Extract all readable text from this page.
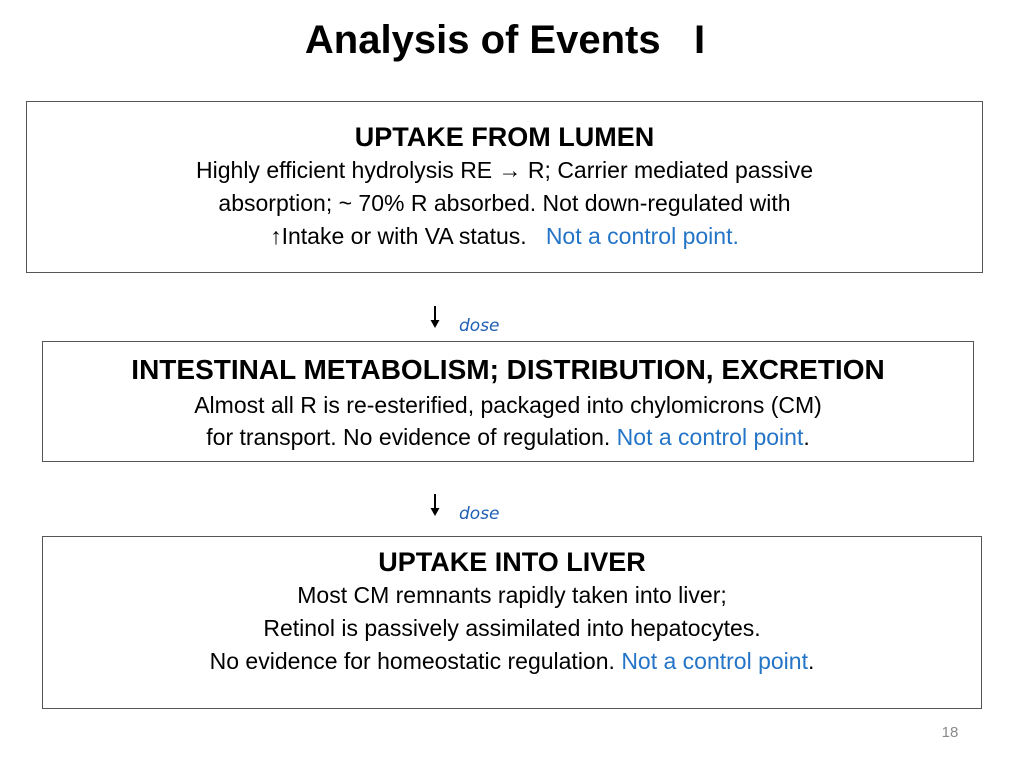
Analysis of Events   I
UPTAKE FROM LUMEN
Highly efficient hydrolysis RE → R; Carrier mediated passive
absorption; ~ 70% R absorbed. Not down-regulated with
↑Intake or with VA status.   Not a control point.
dose
INTESTINAL METABOLISM; DISTRIBUTION, EXCRETION
Almost all R is re-esterified, packaged into chylomicrons (CM)
for transport. No evidence of regulation. Not a control point.
dose
UPTAKE INTO LIVER
Most CM remnants rapidly taken into liver;
Retinol is passively assimilated into hepatocytes.
No evidence for homeostatic regulation. Not a control point.
18
